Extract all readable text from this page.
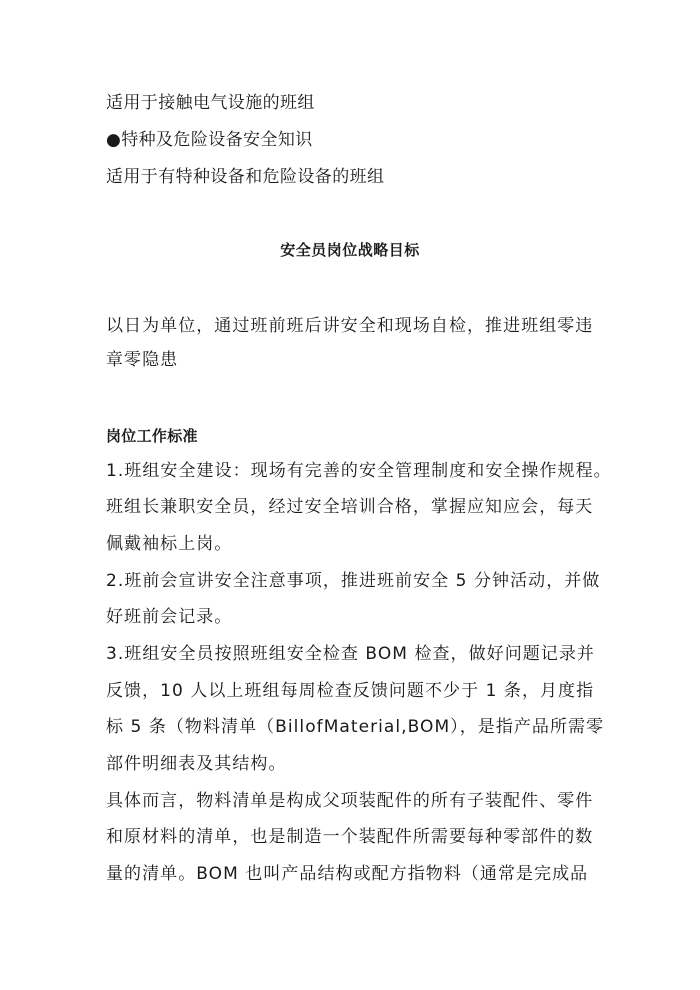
适用于接触电气设施的班组
●特种及危险设备安全知识
适用于有特种设备和危险设备的班组
安全员岗位战略目标
以日为单位，通过班前班后讲安全和现场自检，推进班组零违
章零隐患
岗位工作标准
1.班组安全建设：现场有完善的安全管理制度和安全操作规程。
班组长兼职安全员，经过安全培训合格，掌握应知应会，每天
佩戴袖标上岗。
2.班前会宣讲安全注意事项，推进班前安全 5 分钟活动，并做
好班前会记录。
3.班组安全员按照班组安全检查 BOM 检查，做好问题记录并
反馈，10 人以上班组每周检查反馈问题不少于 1 条，月度指
标 5 条（物料清单（BillofMaterial,BOM），是指产品所需零
部件明细表及其结构。
具体而言，物料清单是构成父项装配件的所有子装配件、零件
和原材料的清单，也是制造一个装配件所需要每种零部件的数
量的清单。BOM 也叫产品结构或配方指物料（通常是完成品
